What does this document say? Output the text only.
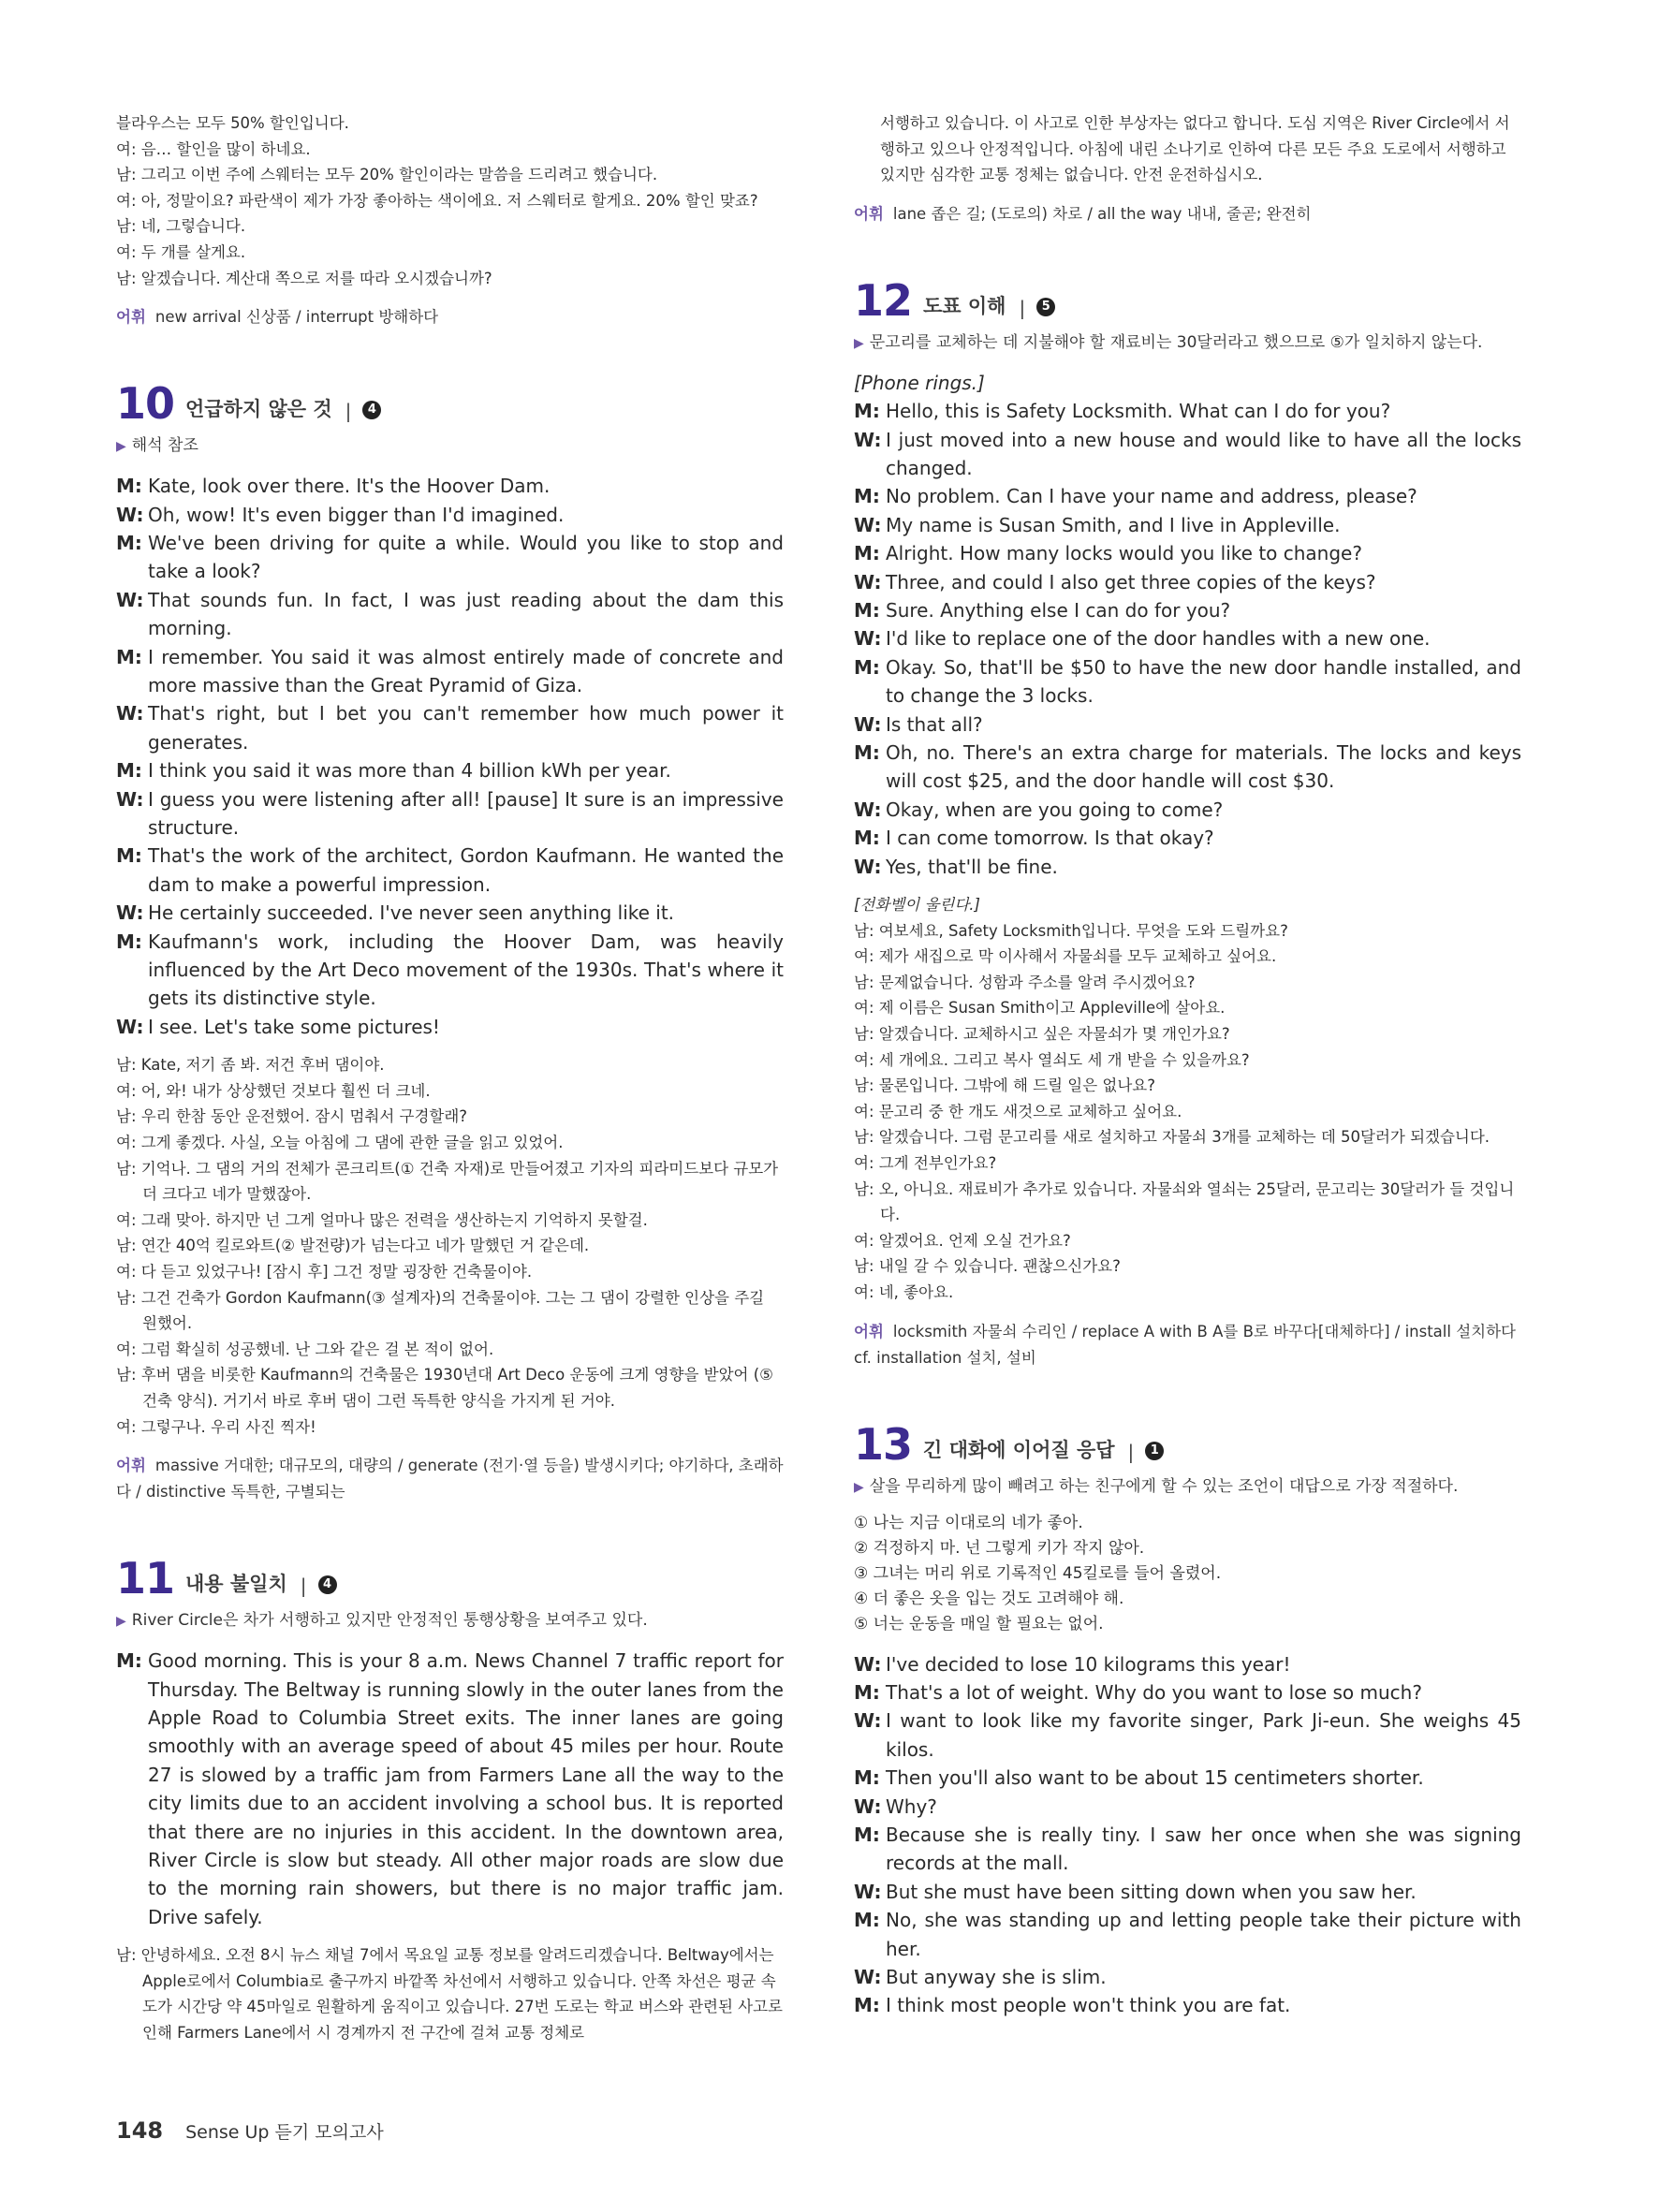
블라우스는 모두 50% 할인입니다.

여: 음… 할인을 많이 하네요.

남: 그리고 이번 주에 스웨터는 모두 20% 할인이라는 말씀을 드리려고 했습니다.

여: 아, 정말이요? 파란색이 제가 가장 좋아하는 색이에요. 저 스웨터로 할게요. 20% 할인 맞죠?

남: 네, 그렇습니다.

여: 두 개를 살게요.

남: 알겠습니다. 계산대 쪽으로 저를 따라 오시겠습니까?

어휘 new arrival 신상품 / interrupt 방해하다
10 언급하지 않은 것 |	4
▶ 해석 참조

M: Kate, look over there. It's the Hoover Dam.

W: Oh, wow! It's even bigger than I'd imagined.

M: We've been driving for quite a while. Would you like to stop and take a look?

W: That sounds fun. In fact, I was just reading about the dam this morning.

M: I remember. You said it was almost entirely made of concrete and more massive than the Great Pyramid of Giza.

W: That's right, but I bet you can't remember how much power it generates.

M: I think you said it was more than 4 billion kWh per year.

W: I guess you were listening after all! [pause] It sure is an impressive structure.

M: That's the work of the architect, Gordon Kaufmann. He wanted the dam to make a powerful impression.

W: He certainly succeeded. I've never seen anything like it.

M: Kaufmann's work, including the Hoover Dam, was heavily influenced by the Art Deco movement of the 1930s. That's where it gets its distinctive style.

W: I see. Let's take some pictures!

남: Kate, 저기 좀 봐. 저건 후버 댐이야.

여: 어, 와! 내가 상상했던 것보다 훨씬 더 크네.

남: 우리 한참 동안 운전했어. 잠시 멈춰서 구경할래?

여: 그게 좋겠다. 사실, 오늘 아침에 그 댐에 관한 글을 읽고 있었어.

남: 기억나. 그 댐의 거의 전체가 콘크리트(① 건축 자재)로 만들어졌고 기자의 피라미드보다 규모가 더 크다고 네가 말했잖아.

여: 그래 맞아. 하지만 넌 그게 얼마나 많은 전력을 생산하는지 기억하지 못할걸.

남: 연간 40억 킬로와트(② 발전량)가 넘는다고 네가 말했던 거 같은데.

여: 다 듣고 있었구나! [잠시 후] 그건 정말 굉장한 건축물이야.

남: 그건 건축가 Gordon Kaufmann(③ 설계자)의 건축물이야. 그는 그 댐이 강렬한 인상을 주길 원했어.

여: 그럼 확실히 성공했네. 난 그와 같은 걸 본 적이 없어.

남: 후버 댐을 비롯한 Kaufmann의 건축물은 1930년대 Art Deco 운동에 크게 영향을 받았어 (⑤ 건축 양식). 거기서 바로 후버 댐이 그런 독특한 양식을 가지게 된 거야.

여: 그렇구나. 우리 사진 찍자!

어휘 massive 거대한; 대규모의, 대량의 / generate (전기·열 등을) 발생시키다; 야기하다, 초래하다 / distinctive 독특한, 구별되는
11 내용 불일치 |	4
▶ River Circle은 차가 서행하고 있지만 안정적인 통행상황을 보여주고 있다.

M: Good morning. This is your 8 a.m. News Channel 7 traffic report for Thursday. The Beltway is running slowly in the outer lanes from the Apple Road to Columbia Street exits. The inner lanes are going smoothly with an average speed of about 45 miles per hour. Route 27 is slowed by a traffic jam from Farmers Lane all the way to the city limits due to an accident involving a school bus. It is reported that there are no injuries in this accident. In the downtown area, River Circle is slow but steady. All other major roads are slow due to the morning rain showers, but there is no major traffic jam. Drive safely.

남: 안녕하세요. 오전 8시 뉴스 채널 7에서 목요일 교통 정보를 알려드리겠습니다. Beltway에서는 Apple로에서 Columbia로 출구까지 바깥쪽 차선에서 서행하고 있습니다. 안쪽 차선은 평균 속도가 시간당 약 45마일로 원활하게 움직이고 있습니다. 27번 도로는 학교 버스와 관련된 사고로 인해 Farmers Lane에서 시 경계까지 전 구간에 걸쳐 교통 정체로

서행하고 있습니다. 이 사고로 인한 부상자는 없다고 합니다. 도심 지역은 River Circle에서 서행하고 있으나 안정적입니다. 아침에 내린 소나기로 인하여 다른 모든 주요 도로에서 서행하고 있지만 심각한 교통 정체는 없습니다. 안전 운전하십시오.

어휘 lane 좁은 길; (도로의) 차로 / all the way 내내, 줄곧; 완전히
12 도표 이해 |	5
▶ 문고리를 교체하는 데 지불해야 할 재료비는 30달러라고 했으므로 ⑤가 일치하지 않는다.

[Phone rings.]

M: Hello, this is Safety Locksmith. What can I do for you?

W: I just moved into a new house and would like to have all the locks changed.

M: No problem. Can I have your name and address, please?

W: My name is Susan Smith, and I live in Appleville.

M: Alright. How many locks would you like to change?

W: Three, and could I also get three copies of the keys?

M: Sure. Anything else I can do for you?

W: I'd like to replace one of the door handles with a new one.

M: Okay. So, that'll be $50 to have the new door handle installed, and to change the 3 locks.

W: Is that all?

M: Oh, no. There's an extra charge for materials. The locks and keys will cost $25, and the door handle will cost $30.

W: Okay, when are you going to come?

M: I can come tomorrow. Is that okay?

W: Yes, that'll be fine.

[전화벨이 울린다.]

남: 여보세요, Safety Locksmith입니다. 무엇을 도와 드릴까요?

여: 제가 새집으로 막 이사해서 자물쇠를 모두 교체하고 싶어요.

남: 문제없습니다. 성함과 주소를 알려 주시겠어요?

여: 제 이름은 Susan Smith이고 Appleville에 살아요.

남: 알겠습니다. 교체하시고 싶은 자물쇠가 몇 개인가요?

여: 세 개에요. 그리고 복사 열쇠도 세 개 받을 수 있을까요?

남: 물론입니다. 그밖에 해 드릴 일은 없나요?

여: 문고리 중 한 개도 새것으로 교체하고 싶어요.

남: 알겠습니다. 그럼 문고리를 새로 설치하고 자물쇠 3개를 교체하는 데 50달러가 되겠습니다.

여: 그게 전부인가요?

남: 오, 아니요. 재료비가 추가로 있습니다. 자물쇠와 열쇠는 25달러, 문고리는 30달러가 들 것입니다.

여: 알겠어요. 언제 오실 건가요?

남: 내일 갈 수 있습니다. 괜찮으신가요?

여: 네, 좋아요.

어휘 locksmith 자물쇠 수리인 / replace A with B A를 B로 바꾸다[대체하다] / install 설치하다 cf. installation 설치, 설비
13 긴 대화에 이어질 응답 |	1
▶ 살을 무리하게 많이 빼려고 하는 친구에게 할 수 있는 조언이 대답으로 가장 적절하다.
① 나는 지금 이대로의 네가 좋아.
② 걱정하지 마. 넌 그렇게 키가 작지 않아.
③ 그녀는 머리 위로 기록적인 45킬로를 들어 올렸어.
④ 더 좋은 옷을 입는 것도 고려해야 해.
⑤ 너는 운동을 매일 할 필요는 없어.

W: I've decided to lose 10 kilograms this year!

M: That's a lot of weight. Why do you want to lose so much?

W: I want to look like my favorite singer, Park Ji-eun. She weighs 45 kilos.

M: Then you'll also want to be about 15 centimeters shorter.

W: Why?

M: Because she is really tiny. I saw her once when she was signing records at the mall.

W: But she must have been sitting down when you saw her.

M: No, she was standing up and letting people take their picture with her.

W: But anyway she is slim.

M: I think most people won't think you are fat.

148 Sense Up 듣기 모의고사
